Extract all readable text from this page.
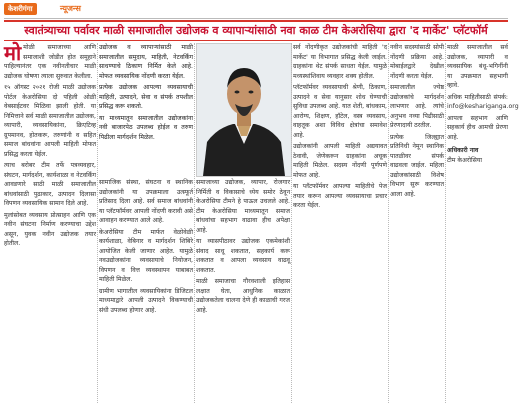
केशरीगंगा	न्यूजन्स
स्वातंत्र्याच्या पर्वावर माळी समाजातील उद्योजक व व्यापाऱ्यांसाठी नवा काळ टीम केअरोसिया द्वारा 'द मार्केट' प्लॅटफॉर्म
मो मोळी समाजाच्या आणि समाजाशी जोडीत होत समूहाने पाहिल्यानंतर एक नवीनतीचार माळी उद्योजक घोषणा त्याला सुरुवात केलीला.

१५ ऑगस्ट २०२१ रोजी माळी उद्योजक पोर्टल केअरोसिया दो पहिली ओळी वेबसाईटवर मिळिवा झाली होती. या निमित्ताने सर्व माळी समाजातील उद्योजक, व्यापारी, व्यवसायिकांना, क्रिएटिव्ह ग्रुपमानव, होतकरू, तरुणांनी व सहित समाज बांधवांना आपली माहिती मोफत प्रसिद्ध करता येईल.

त्याच बरोबर टीम तर्फे पत्रव्यवहार, संघटन, मार्गदर्शन, कार्यशाळा व नेटवर्किंग आवडणारे साठी माळी समाजातील बांधवांसाठी पुढाकार, उत्पादन दिलासा विपणन व्यवसायिक सामान दिले आहे.

मुलांसोबत व्यवसाय प्रोत्साहन आणि एक नवीन संघटना निर्माण करण्याचा उद्देश असून, युवक नवीन उद्योजक तयार होतील.

उद्योजक व व्यापाऱ्यांसाठी माळी समाजातील समुदाय, माहिती, नेटवर्किंग साधण्याचे ठिकाण निर्मित केले आहे. मोफत व्यवसायिक नोंदणी करता येईल.

प्रत्येक उद्योजक आपल्या व्यवसायाची माहिती, उत्पादने, सेवा व संपर्क तपशील प्रसिद्ध करू शकतो.

या माध्यमातून समाजातील उद्योजकांना नवी बाजारपेठ उपलब्ध होईल व तरुण पिढीला मार्गदर्शन मिळेल.

सामाजिक संस्था, संघटना व स्थानिक उद्योजकांनी या उपक्रमाला उत्स्फूर्त प्रतिसाद दिला आहे. सर्व समाज बांधवांनी या प्लॅटफॉर्मवर आपली नोंदणी करावी असे आवाहन करण्यात आले आहे.

केअरोसिया टीम मार्फत वेळोवेळी कार्यशाळा, वेबिनार व मार्गदर्शन शिबिरे आयोजित केली जाणार आहेत. यामुळे नवउद्योजकांना व्यवसायाचे नियोजन, विपणन व वित्त व्यवस्थापन याबाबत माहिती मिळेल.

ग्रामीण भागातील व्यवसायिकांना डिजिटल माध्यमाद्वारे आपली उत्पादने विकण्याची संधी उपलब्ध होणार आहे.

समाजाच्या उद्योजक, व्यापार, रोजगार निर्मिती व विकासाचे ध्येय समोर ठेवून केअरोसिया टीमने हे पाऊल उचलले आहे. टीम केअरोसिया माध्यमातून समाज बांधवांचा सहभाग वाढावा हीच अपेक्षा आहे.

या व्यासपीठावर उद्योजक एकमेकांशी संवाद साधू शकतात, सहकार्य करू शकतात व आपला व्यवसाय वाढवू शकतात.

माळी समाजाचा गौरवशाली इतिहास लक्षात घेता, आधुनिक काळात उद्योजकतेला चालना देणे ही काळाची गरज आहे.

सर्व नोंदणीकृत उद्योजकांची माहिती 'द मार्केट' या विभागात प्रसिद्ध केली जाईल. ग्राहकांना थेट संपर्क साधता येईल. यामुळे मध्यस्थांशिवाय व्यवहार शक्य होतील.

प्लॅटफॉर्मवर व्यवसायाची श्रेणी, ठिकाण, उत्पादने व सेवा यानुसार शोध घेण्याची सुविधा उपलब्ध आहे. यात शेती, बांधकाम, आरोग्य, शिक्षण, हॉटेल, वस्त्र व्यवसाय, वाहतूक अशा विविध क्षेत्रांचा समावेश आहे.

उद्योजकांनी आपली माहिती अद्ययावत ठेवावी, जेणेकरून ग्राहकांना अचूक माहिती मिळेल. सदस्य नोंदणी पूर्णपणे मोफत आहे.

या प्लॅटफॉर्मवर आपल्या माहितीचे पेज तयार करून आपल्या व्यवसायाचा प्रचार करता येईल.

नवीन सदस्यांसाठी सोपी नोंदणी प्रक्रिया आहे. मोबाईलद्वारे देखील नोंदणी करता येईल.

समाजातील ज्येष्ठ उद्योजकांचे मार्गदर्शन लाभणार आहे. त्यांचे अनुभव नव्या पिढीसाठी प्रेरणादायी ठरतील.

प्रत्येक जिल्ह्यात प्रतिनिधी नेमून स्थानिक पातळीवर संपर्क वाढवला जाईल. महिला उद्योजकांसाठी विशेष विभाग सुरू करण्यात आला आहे.

माळी समाजातील सर्व उद्योजक, व्यापारी व व्यवसायिक बंधू-भगिनींनी या उपक्रमात सहभागी व्हावे.

अधिक माहितीसाठी संपर्क: info@keshariganga.org

आपला सहभाग आणि सहकार्य हीच आमची प्रेरणा आहे.

अधिकारी नाव
टीम केअरोसिया
